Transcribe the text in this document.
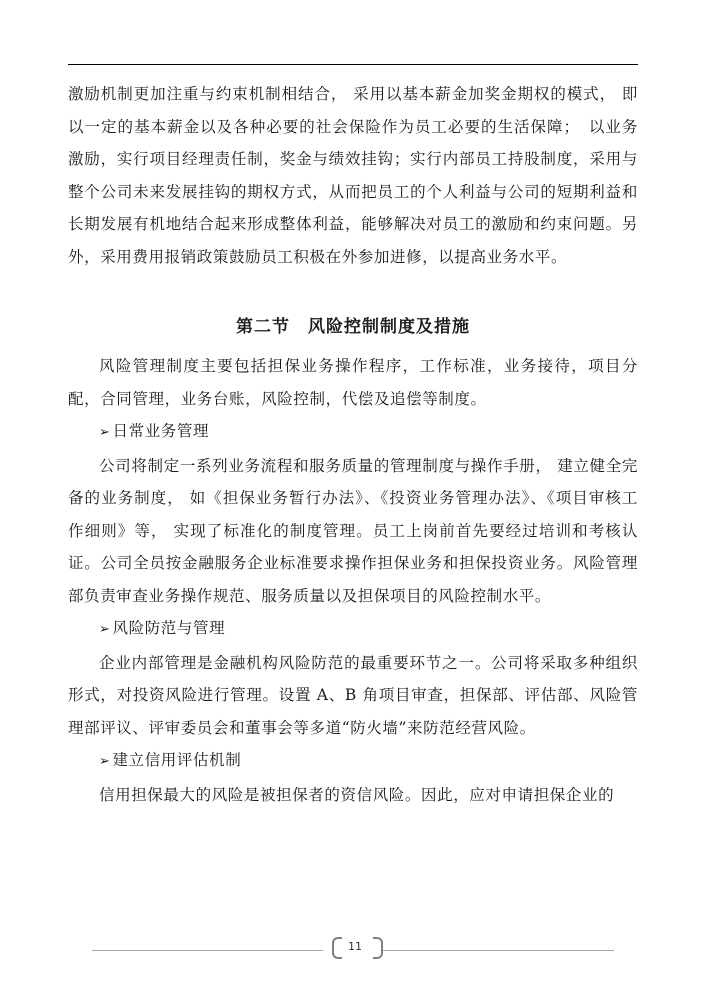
激励机制更加注重与约束机制相结合， 采用以基本薪金加奖金期权的模式， 即以一定的基本薪金以及各种必要的社会保险作为员工必要的生活保障；　以业务激励，实行项目经理责任制，奖金与绩效挂钩；实行内部员工持股制度，采用与整个公司未来发展挂钩的期权方式，从而把员工的个人利益与公司的短期利益和长期发展有机地结合起来形成整体利益，能够解决对员工的激励和约束问题。另外，采用费用报销政策鼓励员工积极在外参加进修，以提高业务水平。

第二节 风险控制制度及措施

风险管理制度主要包括担保业务操作程序，工作标准，业务接待，项目分配，合同管理，业务台账，风险控制，代偿及追偿等制度。

➢ 日常业务管理

公司将制定一系列业务流程和服务质量的管理制度与操作手册， 建立健全完备的业务制度， 如《担保业务暂行办法》、《投资业务管理办法》、《项目审核工作细则》等， 实现了标准化的制度管理。员工上岗前首先要经过培训和考核认证。公司全员按金融服务企业标准要求操作担保业务和担保投资业务。风险管理部负责审查业务操作规范、服务质量以及担保项目的风险控制水平。

➢ 风险防范与管理

企业内部管理是金融机构风险防范的最重要环节之一。公司将采取多种组织形式，对投资风险进行管理。设置 A、B 角项目审查，担保部、评估部、风险管理部评议、评审委员会和董事会等多道“防火墙”来防范经营风险。

➢ 建立信用评估机制

信用担保最大的风险是被担保者的资信风险。因此，应对申请担保企业的

11
